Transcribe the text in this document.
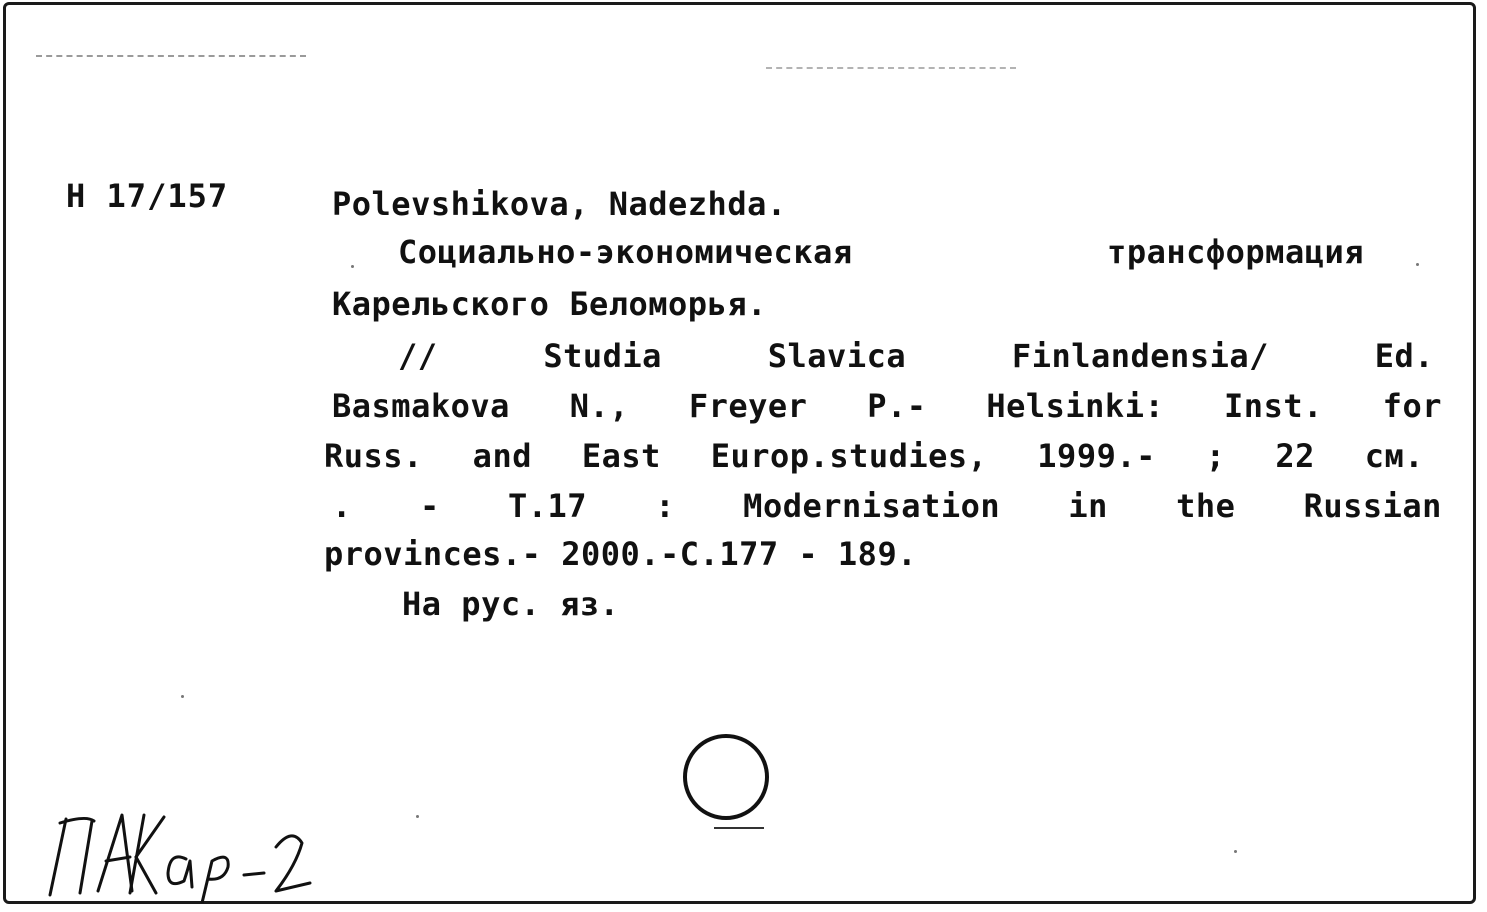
H 17/157	Polevshikova, Nadezhda.
Социально-экономическая	трансформация
Карельского Беломорья.
//	Studia	Slavica	Finlandensia/	Ed.
Basmakova N., Freyer P.- Helsinki: Inst. for
Russ. and East Europ.studies, 1999.- ; 22 см.
. - T.17 : Modernisation in the Russian
provinces.- 2000.-C.177 - 189.
На рус. яз.
